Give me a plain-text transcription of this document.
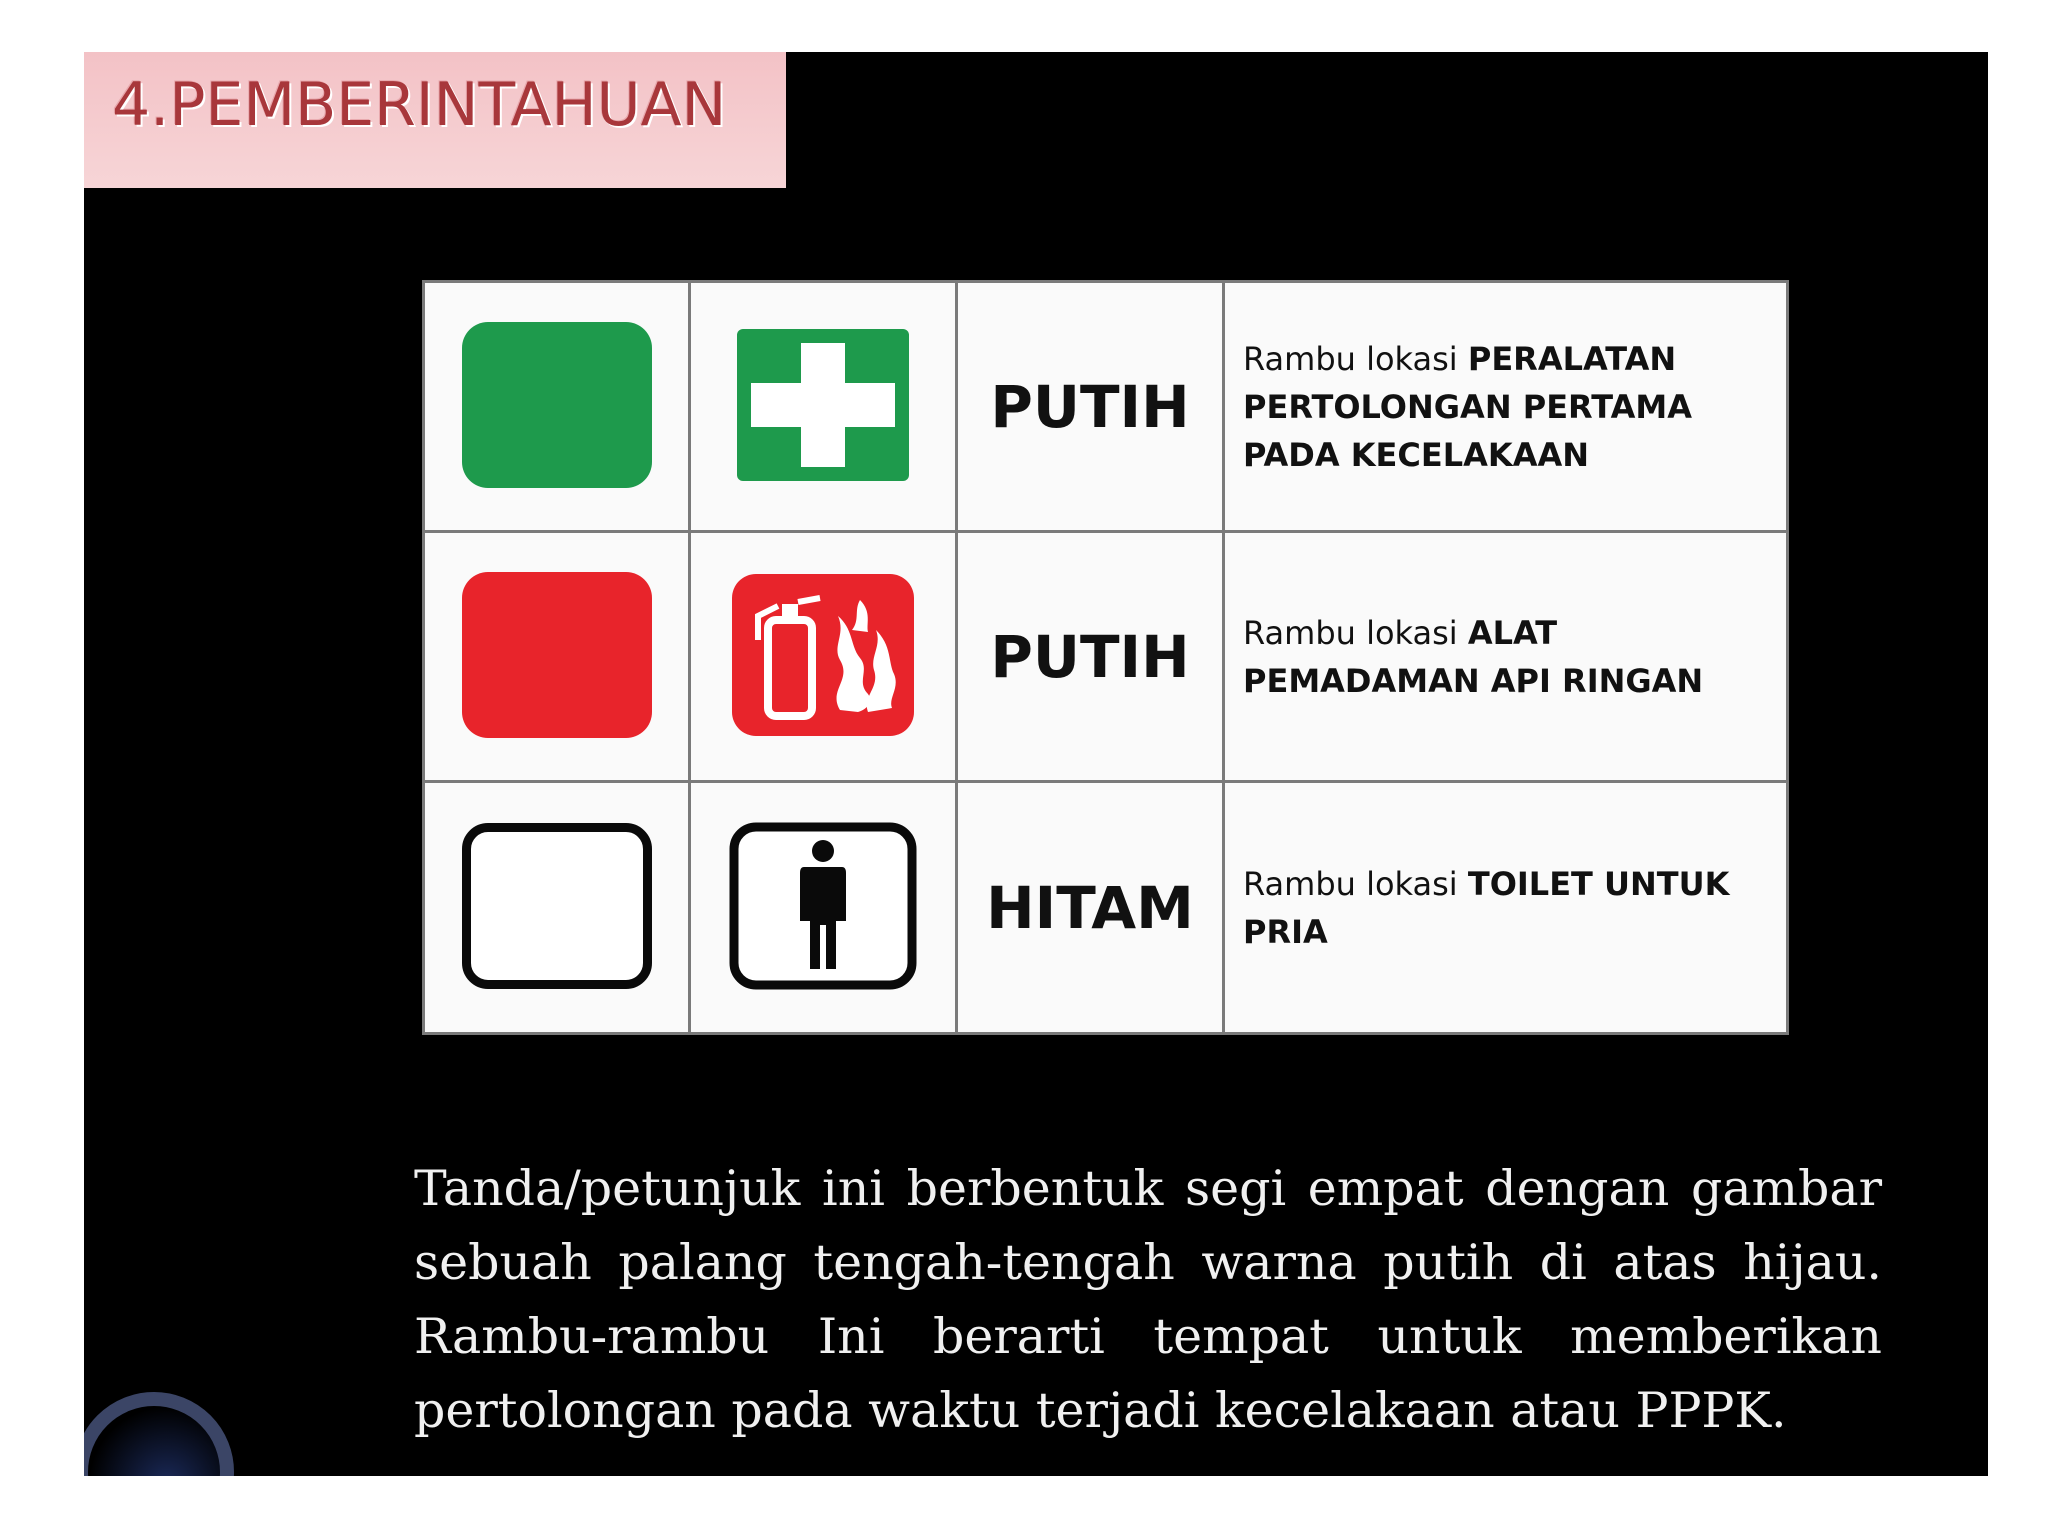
4.PEMBERINTAHUAN
		PUTIH	Rambu lokasi PERALATAN PERTOLONGAN PERTAMA PADA KECELAKAAN
		PUTIH	Rambu lokasi ALAT PEMADAMAN API RINGAN
		HITAM	Rambu lokasi TOILET UNTUK PRIA
Tanda/petunjuk ini berbentuk segi empat dengan gambar sebuah palang tengah-tengah warna putih di atas hijau. Rambu-rambu Ini berarti tempat untuk memberikan pertolongan pada waktu terjadi kecelakaan atau PPPK.
